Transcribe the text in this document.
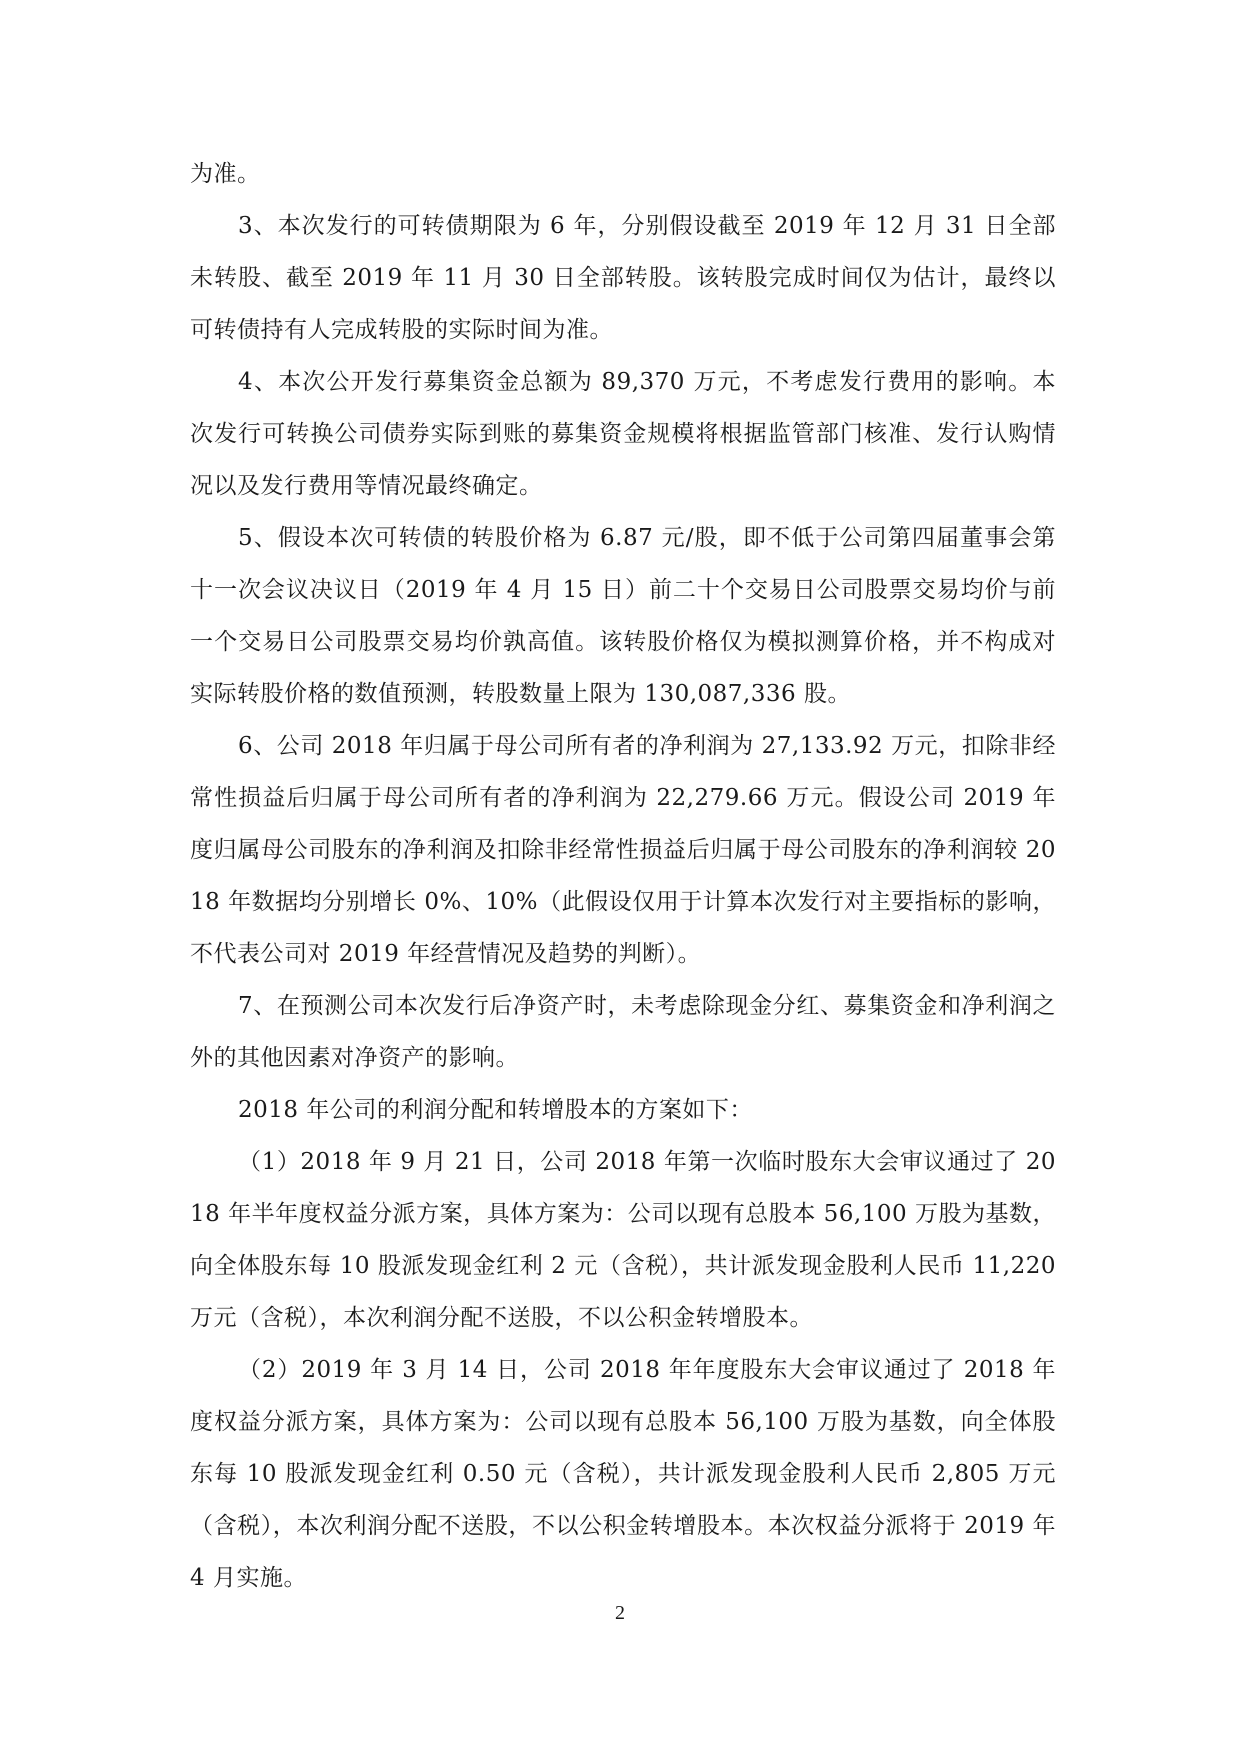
为准。

3、本次发行的可转债期限为 6 年，分别假设截至 2019 年 12 月 31 日全部未转股、截至 2019 年 11 月 30 日全部转股。该转股完成时间仅为估计，最终以可转债持有人完成转股的实际时间为准。

4、本次公开发行募集资金总额为 89,370 万元，不考虑发行费用的影响。本次发行可转换公司债券实际到账的募集资金规模将根据监管部门核准、发行认购情况以及发行费用等情况最终确定。

5、假设本次可转债的转股价格为 6.87 元/股，即不低于公司第四届董事会第十一次会议决议日（2019 年 4 月 15 日）前二十个交易日公司股票交易均价与前一个交易日公司股票交易均价孰高值。该转股价格仅为模拟测算价格，并不构成对实际转股价格的数值预测，转股数量上限为 130,087,336 股。

6、公司 2018 年归属于母公司所有者的净利润为 27,133.92 万元，扣除非经常性损益后归属于母公司所有者的净利润为 22,279.66 万元。假设公司 2019 年度归属母公司股东的净利润及扣除非经常性损益后归属于母公司股东的净利润较 2018 年数据均分别增长 0%、10%（此假设仅用于计算本次发行对主要指标的影响，不代表公司对 2019 年经营情况及趋势的判断）。

7、在预测公司本次发行后净资产时，未考虑除现金分红、募集资金和净利润之外的其他因素对净资产的影响。

2018 年公司的利润分配和转增股本的方案如下：

（1）2018 年 9 月 21 日，公司 2018 年第一次临时股东大会审议通过了 2018 年半年度权益分派方案，具体方案为：公司以现有总股本 56,100 万股为基数，向全体股东每 10 股派发现金红利 2 元（含税），共计派发现金股利人民币 11,220 万元（含税），本次利润分配不送股，不以公积金转增股本。

（2）2019 年 3 月 14 日，公司 2018 年年度股东大会审议通过了 2018 年度权益分派方案，具体方案为：公司以现有总股本 56,100 万股为基数，向全体股东每 10 股派发现金红利 0.50 元（含税），共计派发现金股利人民币 2,805 万元（含税），本次利润分配不送股，不以公积金转增股本。本次权益分派将于 2019 年 4 月实施。

2
